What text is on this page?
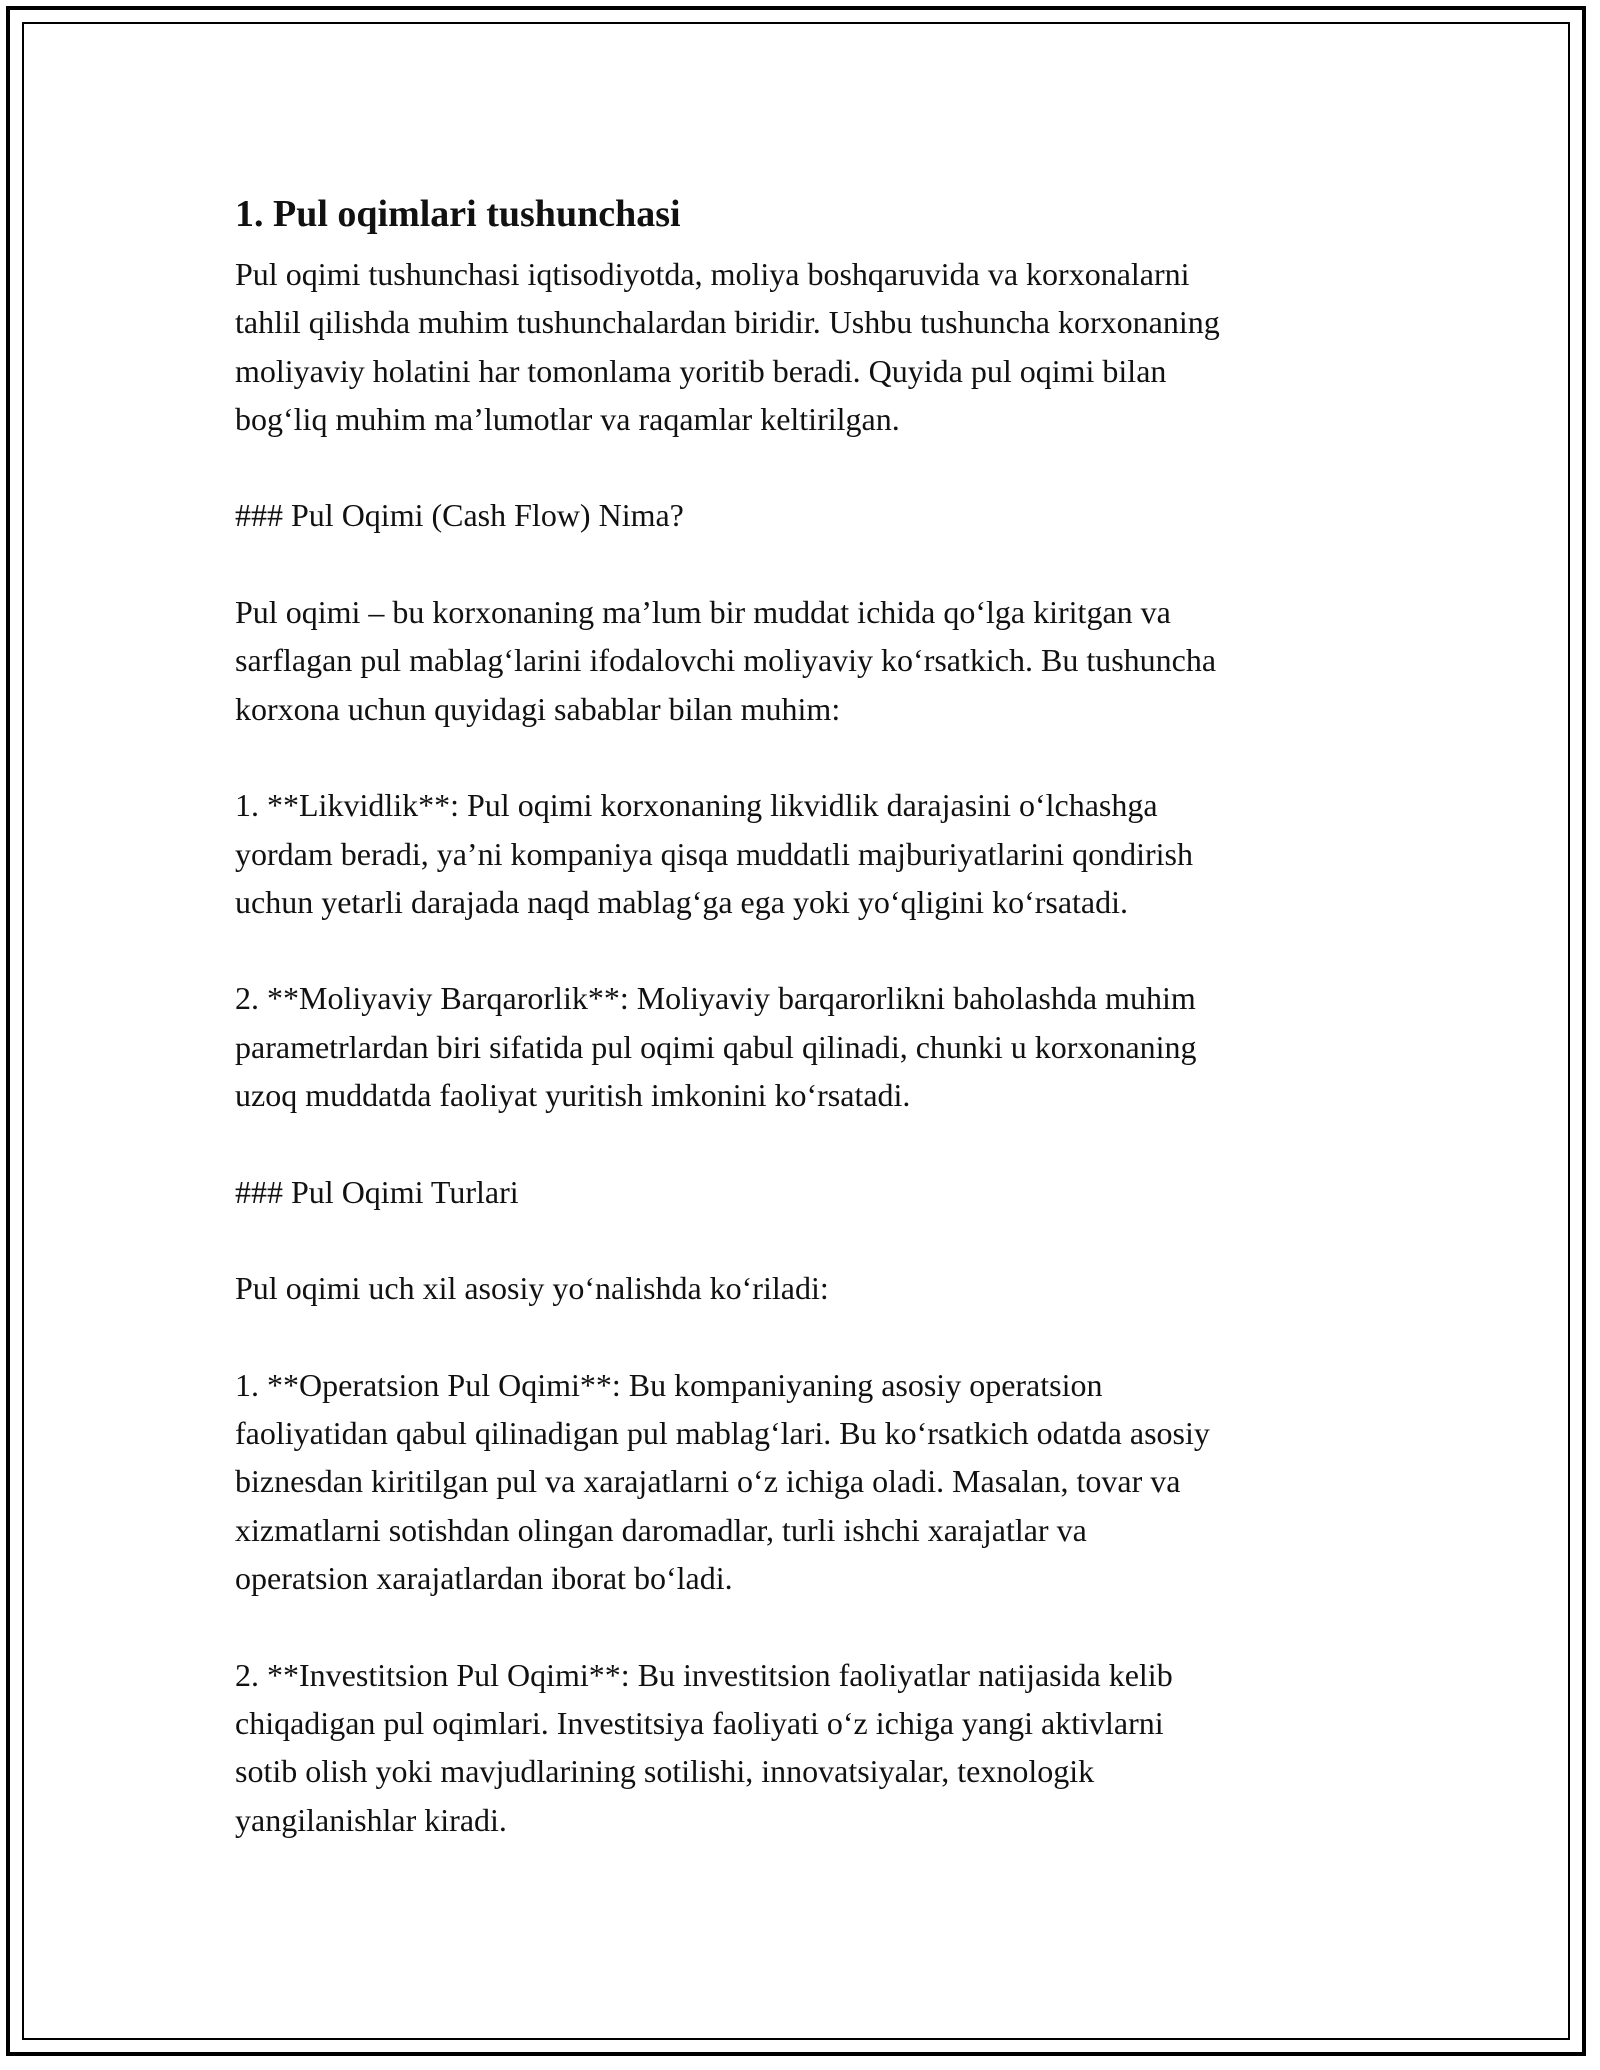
1. Pul oqimlari tushunchasi
Pul oqimi tushunchasi iqtisodiyotda, moliya boshqaruvida va korxonalarni
tahlil qilishda muhim tushunchalardan biridir. Ushbu tushuncha korxonaning
moliyaviy holatini har tomonlama yoritib beradi. Quyida pul oqimi bilan
bog‘liq muhim ma’lumotlar va raqamlar keltirilgan.
### Pul Oqimi (Cash Flow) Nima?
Pul oqimi – bu korxonaning ma’lum bir muddat ichida qo‘lga kiritgan va
sarflagan pul mablag‘larini ifodalovchi moliyaviy ko‘rsatkich. Bu tushuncha
korxona uchun quyidagi sabablar bilan muhim:
1. **Likvidlik**: Pul oqimi korxonaning likvidlik darajasini o‘lchashga
yordam beradi, ya’ni kompaniya qisqa muddatli majburiyatlarini qondirish
uchun yetarli darajada naqd mablag‘ga ega yoki yo‘qligini ko‘rsatadi.
2. **Moliyaviy Barqarorlik**: Moliyaviy barqarorlikni baholashda muhim
parametrlardan biri sifatida pul oqimi qabul qilinadi, chunki u korxonaning
uzoq muddatda faoliyat yuritish imkonini ko‘rsatadi.
### Pul Oqimi Turlari
Pul oqimi uch xil asosiy yo‘nalishda ko‘riladi:
1. **Operatsion Pul Oqimi**: Bu kompaniyaning asosiy operatsion
faoliyatidan qabul qilinadigan pul mablag‘lari. Bu ko‘rsatkich odatda asosiy
biznesdan kiritilgan pul va xarajatlarni o‘z ichiga oladi. Masalan, tovar va
xizmatlarni sotishdan olingan daromadlar, turli ishchi xarajatlar va
operatsion xarajatlardan iborat bo‘ladi.
2. **Investitsion Pul Oqimi**: Bu investitsion faoliyatlar natijasida kelib
chiqadigan pul oqimlari. Investitsiya faoliyati o‘z ichiga yangi aktivlarni
sotib olish yoki mavjudlarining sotilishi, innovatsiyalar, texnologik
yangilanishlar kiradi.
